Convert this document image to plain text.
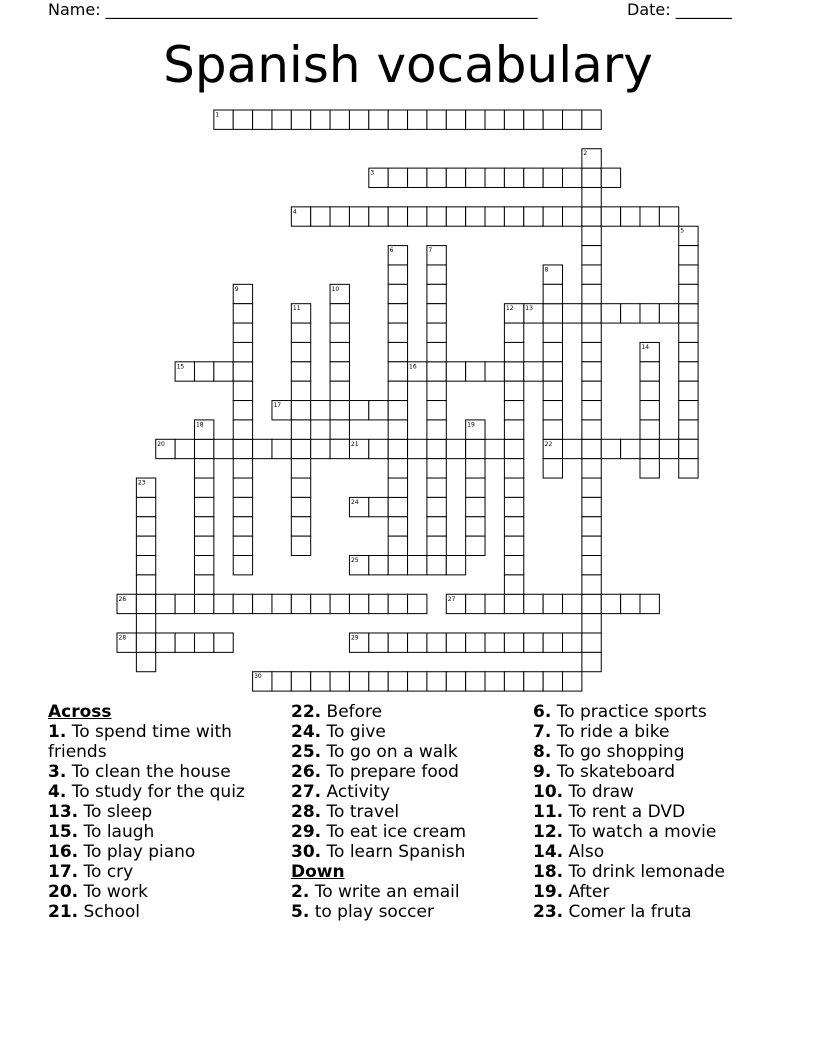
Name: ______________________________________________________	Date: _______
Spanish vocabulary
1
3
4
13
15	16
17
20	21	22
24
25
26	27
28	29
30
2
5
6	7
8
9	10
11	12
14
18	19
23
Across
1. To spend time with friends
3. To clean the house
4. To study for the quiz
13. To sleep
15. To laugh
16. To play piano
17. To cry
20. To work
21. School
22. Before
24. To give
25. To go on a walk
26. To prepare food
27. Activity
28. To travel
29. To eat ice cream
30. To learn Spanish
Down
2. To write an email
5. to play soccer
6. To practice sports
7. To ride a bike
8. To go shopping
9. To skateboard
10. To draw
11. To rent a DVD
12. To watch a movie
14. Also
18. To drink lemonade
19. After
23. Comer la fruta
